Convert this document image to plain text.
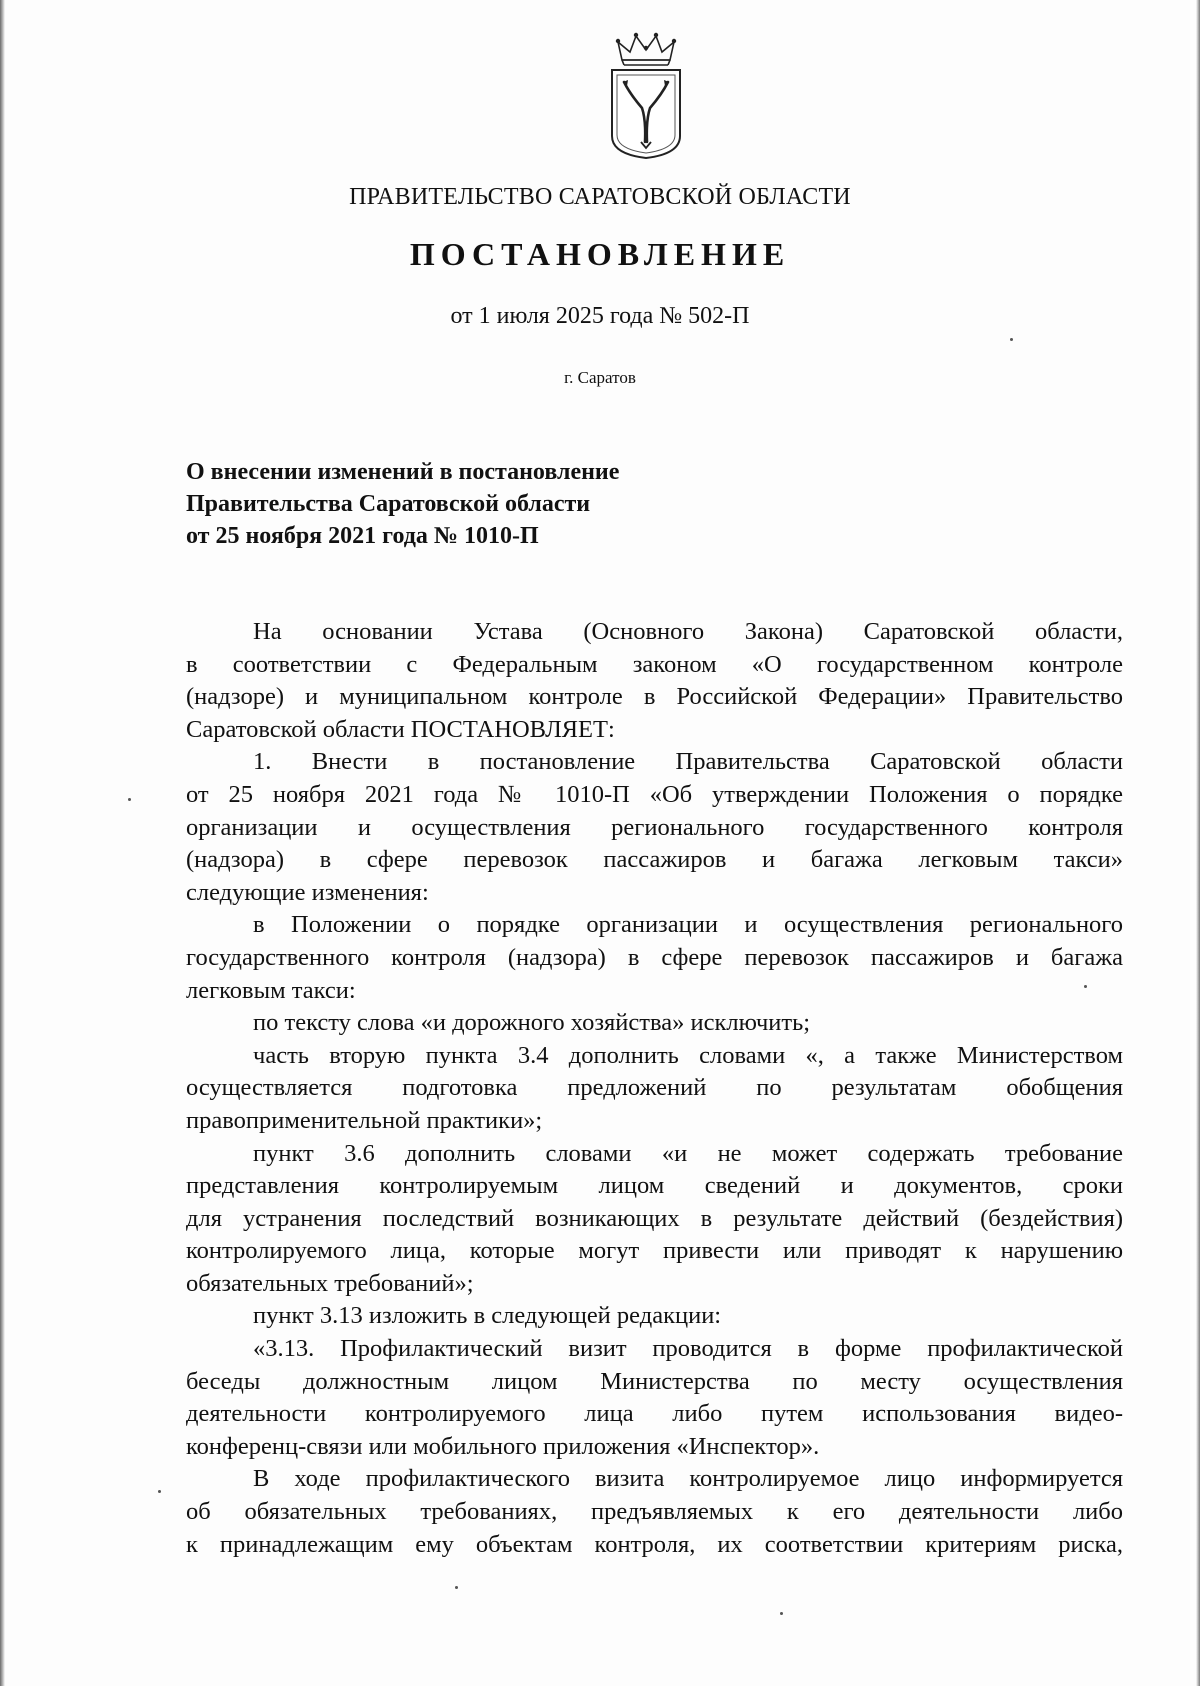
ПРАВИТЕЛЬСТВО САРАТОВСКОЙ ОБЛАСТИ
ПОСТАНОВЛЕНИЕ
от 1 июля 2025 года № 502-П
г. Саратов
О внесении изменений в постановление
Правительства Саратовской области
от 25 ноября 2021 года № 1010-П
На основании Устава (Основного Закона) Саратовской области,
в соответствии с Федеральным законом «О государственном контроле
(надзоре) и муниципальном контроле в Российской Федерации» Правительство
Саратовской области ПОСТАНОВЛЯЕТ:
1. Внести в постановление Правительства Саратовской области
от 25 ноября 2021 года № 1010-П «Об утверждении Положения о порядке
организации и осуществления регионального государственного контроля
(надзора) в сфере перевозок пассажиров и багажа легковым такси»
следующие изменения:
в Положении о порядке организации и осуществления регионального
государственного контроля (надзора) в сфере перевозок пассажиров и багажа
легковым такси:
по тексту слова «и дорожного хозяйства» исключить;
часть вторую пункта 3.4 дополнить словами «, а также Министерством
осуществляется подготовка предложений по результатам обобщения
правоприменительной практики»;
пункт 3.6 дополнить словами «и не может содержать требование
представления контролируемым лицом сведений и документов, сроки
для устранения последствий возникающих в результате действий (бездействия)
контролируемого лица, которые могут привести или приводят к нарушению
обязательных требований»;
пункт 3.13 изложить в следующей редакции:
«3.13. Профилактический визит проводится в форме профилактической
беседы должностным лицом Министерства по месту осуществления
деятельности контролируемого лица либо путем использования видео-
конференц-связи или мобильного приложения «Инспектор».
В ходе профилактического визита контролируемое лицо информируется
об обязательных требованиях, предъявляемых к его деятельности либо
к принадлежащим ему объектам контроля, их соответствии критериям риска,
